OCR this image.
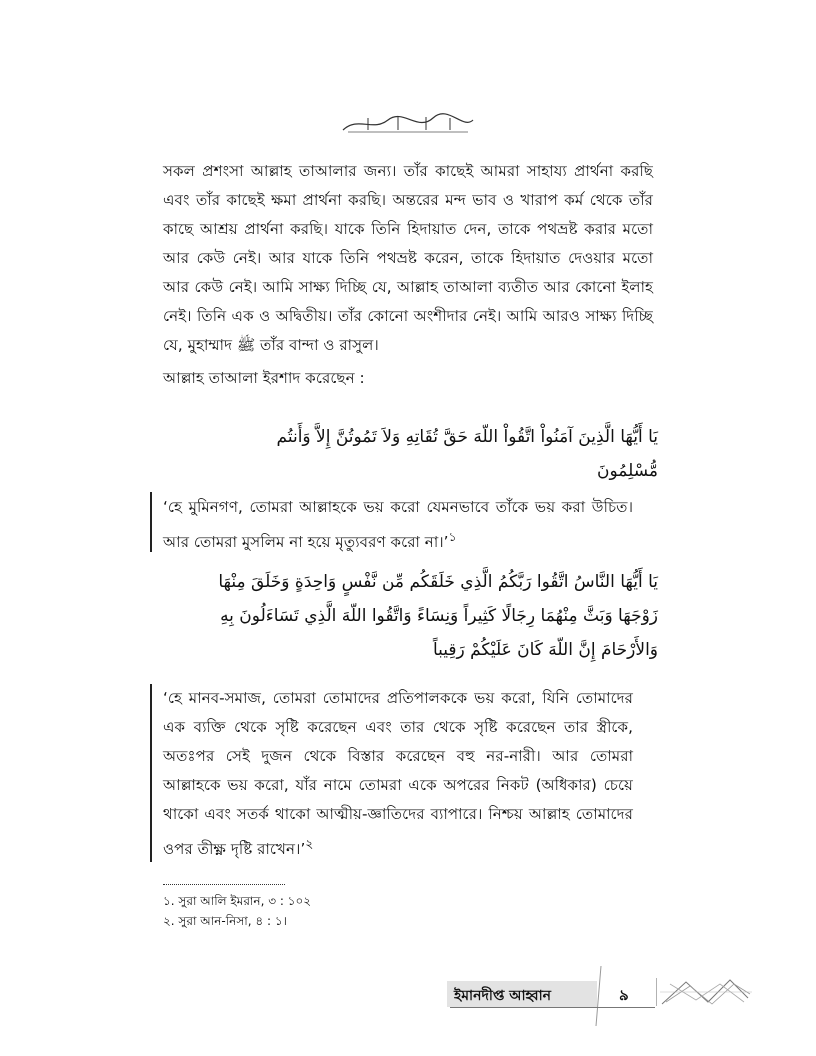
সকল প্রশংসা আল্লাহ তাআলার জন্য। তাঁর কাছেই আমরা সাহায্য প্রার্থনা করছি এবং তাঁর কাছেই ক্ষমা প্রার্থনা করছি। অন্তরের মন্দ ভাব ও খারাপ কর্ম থেকে তাঁর কাছে আশ্রয় প্রার্থনা করছি। যাকে তিনি হিদায়াত দেন, তাকে পথভ্রষ্ট করার মতো আর কেউ নেই। আর যাকে তিনি পথভ্রষ্ট করেন, তাকে হিদায়াত দেওয়ার মতো আর কেউ নেই। আমি সাক্ষ্য দিচ্ছি যে, আল্লাহ তাআলা ব্যতীত আর কোনো ইলাহ নেই। তিনি এক ও অদ্বিতীয়। তাঁর কোনো অংশীদার নেই। আমি আরও সাক্ষ্য দিচ্ছি যে, মুহাম্মাদ ﷺ তাঁর বান্দা ও রাসুল।

আল্লাহ তাআলা ইরশাদ করেছেন :

يَا أَيُّهَا الَّذِينَ آمَنُواْ اتَّقُواْ اللّهَ حَقَّ تُقَاتِهِ وَلاَ تَمُوتُنَّ إِلاَّ وَأَنتُم مُّسْلِمُونَ

‘হে মুমিনগণ, তোমরা আল্লাহকে ভয় করো যেমনভাবে তাঁকে ভয় করা উচিত। আর তোমরা মুসলিম না হয়ে মৃত্যুবরণ করো না।’$^১$

يَا أَيُّهَا النَّاسُ اتَّقُوا رَبَّكُمُ الَّذِي خَلَقَكُم مِّن نَّفْسٍ وَاحِدَةٍ وَخَلَقَ مِنْهَا زَوْجَهَا وَبَثَّ مِنْهُمَا رِجَالًا كَثِيراً وَنِسَاءً وَاتَّقُوا اللّهَ الَّذِي تَسَاءَلُونَ بِهِ وَالأَرْحَامَ إِنَّ اللّهَ كَانَ عَلَيْكُمْ رَقِيباً

‘হে মানব-সমাজ, তোমরা তোমাদের প্রতিপালককে ভয় করো, যিনি তোমাদের এক ব্যক্তি থেকে সৃষ্টি করেছেন এবং তার থেকে সৃষ্টি করেছেন তার স্ত্রীকে, অতঃপর সেই দুজন থেকে বিস্তার করেছেন বহু নর-নারী। আর তোমরা আল্লাহকে ভয় করো, যাঁর নামে তোমরা একে অপরের নিকট (অধিকার) চেয়ে থাকো এবং সতর্ক থাকো আত্মীয়-জ্ঞাতিদের ব্যাপারে। নিশ্চয় আল্লাহ তোমাদের ওপর তীক্ষ্ণ দৃষ্টি রাখেন।’$^২$

১. সুরা আলি ইমরান, ৩ : ১০২

২. সুরা আন-নিসা, ৪ : ১।

ইমানদীপ্ত আহ্বান	৯
